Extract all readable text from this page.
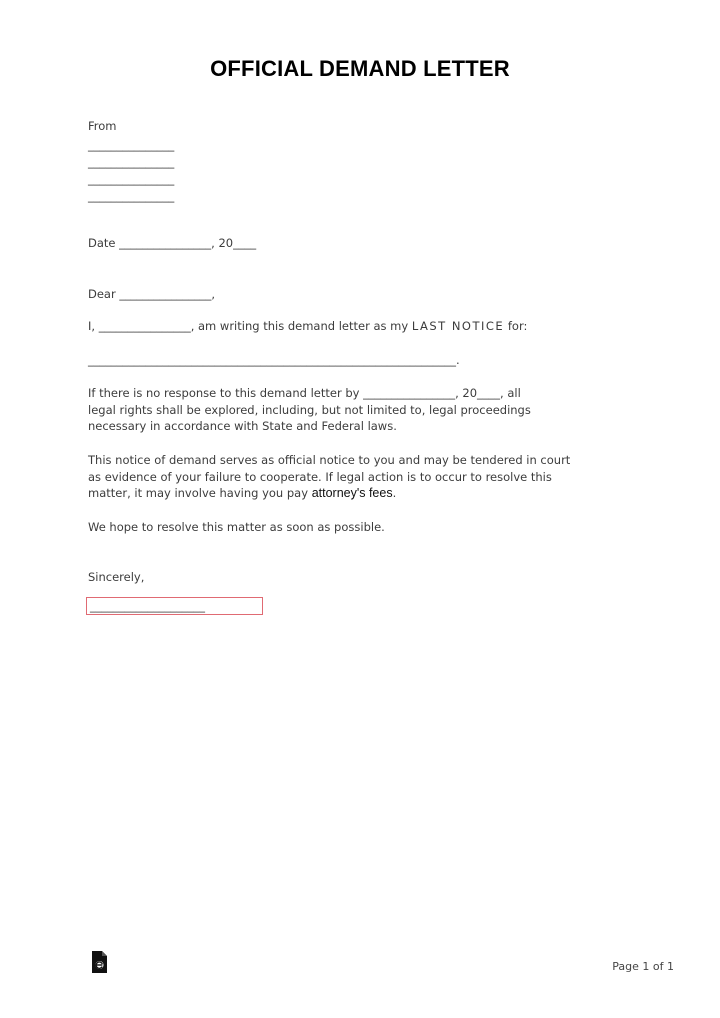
OFFICIAL DEMAND LETTER
From
_______________
_______________
_______________
_______________
Date ________________, 20____
Dear ________________,
I, ________________, am writing this demand letter as my LAST NOTICE for:
________________________________________________________________.
If there is no response to this demand letter by ________________, 20____, all
legal rights shall be explored, including, but not limited to, legal proceedings
necessary in accordance with State and Federal laws.
This notice of demand serves as official notice to you and may be tendered in court
as evidence of your failure to cooperate. If legal action is to occur to resolve this
matter, it may involve having you pay attorney's fees.
We hope to resolve this matter as soon as possible.
Sincerely,
____________________
Page 1 of 1
